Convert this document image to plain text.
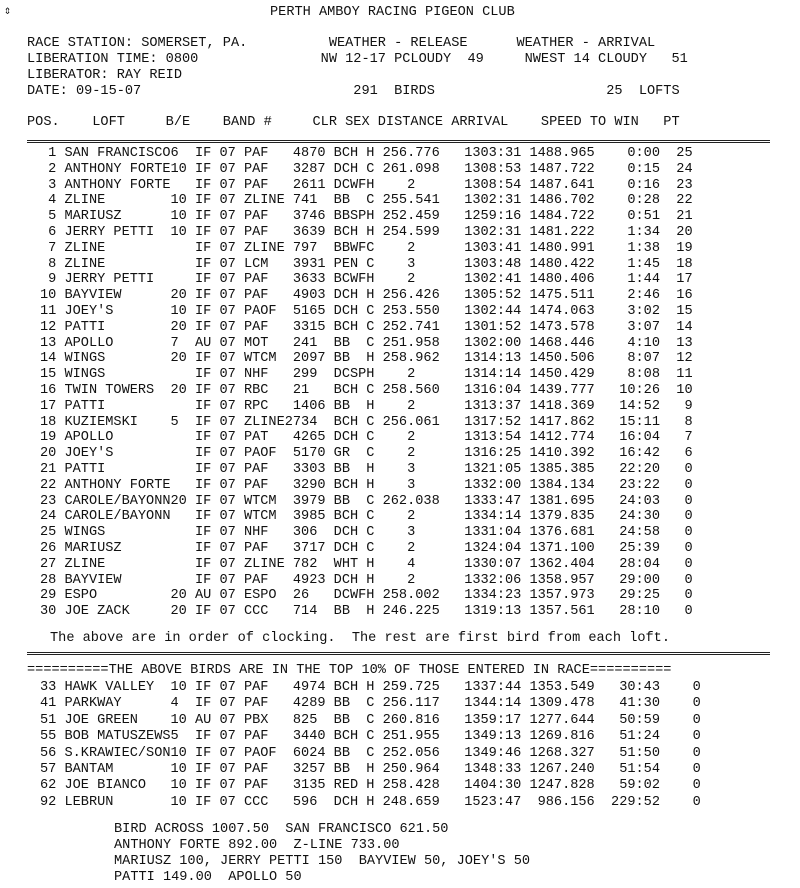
⇕	PERTH AMBOY RACING PIGEON CLUB
RACE STATION: SOMERSET, PA.          WEATHER - RELEASE      WEATHER - ARRIVAL
LIBERATION TIME: 0800               NW 12-17 PCLOUDY  49     NWEST 14 CLOUDY   51
LIBERATOR: RAY REID
DATE: 09-15-07                          291  BIRDS                     25  LOFTS
POS.    LOFT     B/E    BAND #     CLR SEX DISTANCE ARRIVAL    SPEED TO WIN   PT
1 SAN FRANCISCO6  IF 07 PAF   4870 BCH H 256.776   1303:31 1488.965    0:00  25
2 ANTHONY FORTE10 IF 07 PAF   3287 DCH C 261.098   1308:53 1487.722    0:15  24
3 ANTHONY FORTE   IF 07 PAF   2611 DCWFH    2      1308:54 1487.641    0:16  23
4 ZLINE        10 IF 07 ZLINE 741  BB  C 255.541   1302:31 1486.702    0:28  22
5 MARIUSZ      10 IF 07 PAF   3746 BBSPH 252.459   1259:16 1484.722    0:51  21
6 JERRY PETTI  10 IF 07 PAF   3639 BCH H 254.599   1302:31 1481.222    1:34  20
7 ZLINE           IF 07 ZLINE 797  BBWFC    2      1303:41 1480.991    1:38  19
8 ZLINE           IF 07 LCM   3931 PEN C    3      1303:48 1480.422    1:45  18
9 JERRY PETTI     IF 07 PAF   3633 BCWFH    2      1302:41 1480.406    1:44  17
10 BAYVIEW      20 IF 07 PAF   4903 DCH H 256.426   1305:52 1475.511    2:46  16
11 JOEY'S       10 IF 07 PAOF  5165 DCH C 253.550   1302:44 1474.063    3:02  15
12 PATTI        20 IF 07 PAF   3315 BCH C 252.741   1301:52 1473.578    3:07  14
13 APOLLO       7  AU 07 MOT   241  BB  C 251.958   1302:00 1468.446    4:10  13
14 WINGS        20 IF 07 WTCM  2097 BB  H 258.962   1314:13 1450.506    8:07  12
15 WINGS           IF 07 NHF   299  DCSPH    2      1314:14 1450.429    8:08  11
16 TWIN TOWERS  20 IF 07 RBC   21   BCH C 258.560   1316:04 1439.777   10:26  10
17 PATTI           IF 07 RPC   1406 BB  H    2      1313:37 1418.369   14:52   9
18 KUZIEMSKI    5  IF 07 ZLINE2734  BCH C 256.061   1317:52 1417.862   15:11   8
19 APOLLO          IF 07 PAT   4265 DCH C    2      1313:54 1412.774   16:04   7
20 JOEY'S          IF 07 PAOF  5170 GR  C    2      1316:25 1410.392   16:42   6
21 PATTI           IF 07 PAF   3303 BB  H    3      1321:05 1385.385   22:20   0
22 ANTHONY FORTE   IF 07 PAF   3290 BCH H    3      1332:00 1384.134   23:22   0
23 CAROLE/BAYONN20 IF 07 WTCM  3979 BB  C 262.038   1333:47 1381.695   24:03   0
24 CAROLE/BAYONN   IF 07 WTCM  3985 BCH C    2      1334:14 1379.835   24:30   0
25 WINGS           IF 07 NHF   306  DCH C    3      1331:04 1376.681   24:58   0
26 MARIUSZ         IF 07 PAF   3717 DCH C    2      1324:04 1371.100   25:39   0
27 ZLINE           IF 07 ZLINE 782  WHT H    4      1330:07 1362.404   28:04   0
28 BAYVIEW         IF 07 PAF   4923 DCH H    2      1332:06 1358.957   29:00   0
29 ESPO         20 AU 07 ESPO  26   DCWFH 258.002   1334:23 1357.973   29:25   0
30 JOE ZACK     20 IF 07 CCC   714  BB  H 246.225   1319:13 1357.561   28:10   0
The above are in order of clocking.  The rest are first bird from each loft.
==========THE ABOVE BIRDS ARE IN THE TOP 10% OF THOSE ENTERED IN RACE==========
33 HAWK VALLEY  10 IF 07 PAF   4974 BCH H 259.725   1337:44 1353.549   30:43    0
41 PARKWAY      4  IF 07 PAF   4289 BB  C 256.117   1344:14 1309.478   41:30    0
51 JOE GREEN    10 AU 07 PBX   825  BB  C 260.816   1359:17 1277.644   50:59    0
55 BOB MATUSZEWS5  IF 07 PAF   3440 BCH C 251.955   1349:13 1269.816   51:24    0
56 S.KRAWIEC/SON10 IF 07 PAOF  6024 BB  C 252.056   1349:46 1268.327   51:50    0
57 BANTAM       10 IF 07 PAF   3257 BB  H 250.964   1348:33 1267.240   51:54    0
62 JOE BIANCO   10 IF 07 PAF   3135 RED H 258.428   1404:30 1247.828   59:02    0
92 LEBRUN       10 IF 07 CCC   596  DCH H 248.659   1523:47  986.156  229:52    0
BIRD ACROSS 1007.50  SAN FRANCISCO 621.50
ANTHONY FORTE 892.00  Z-LINE 733.00
MARIUSZ 100, JERRY PETTI 150  BAYVIEW 50, JOEY'S 50
PATTI 149.00  APOLLO 50
